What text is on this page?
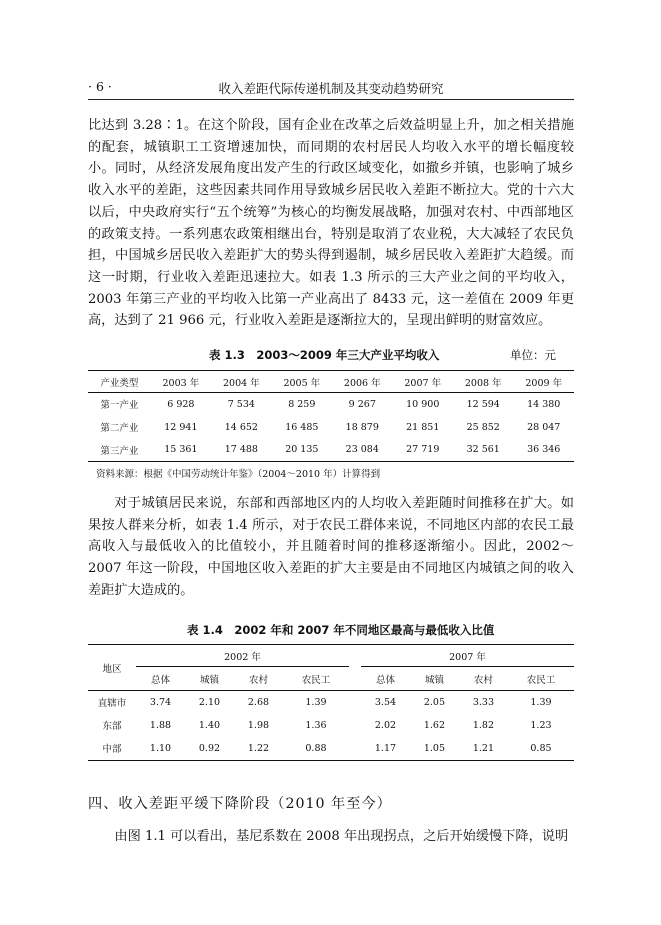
· 6 ·	收入差距代际传递机制及其变动趋势研究

比达到 3.28∶1。在这个阶段，国有企业在改革之后效益明显上升，加之相关措施的配套，城镇职工工资增速加快，而同期的农村居民人均收入水平的增长幅度较小。同时，从经济发展角度出发产生的行政区域变化，如撤乡并镇，也影响了城乡收入水平的差距，这些因素共同作用导致城乡居民收入差距不断拉大。党的十六大以后，中央政府实行“五个统筹”为核心的均衡发展战略，加强对农村、中西部地区的政策支持。一系列惠农政策相继出台，特别是取消了农业税，大大减轻了农民负担，中国城乡居民收入差距扩大的势头得到遏制，城乡居民收入差距扩大趋缓。而这一时期，行业收入差距迅速拉大。如表 1.3 所示的三大产业之间的平均收入，2003 年第三产业的平均收入比第一产业高出了 8433 元，这一差值在 2009 年更高，达到了 21 966 元，行业收入差距是逐渐拉大的，呈现出鲜明的财富效应。

表 1.3　2003～2009 年三大产业平均收入	单位：元
产业类型	2003 年	2004 年	2005 年	2006 年	2007 年	2008 年	2009 年
第一产业	6 928	7 534	8 259	9 267	10 900	12 594	14 380
第二产业	12 941	14 652	16 485	18 879	21 851	25 852	28 047
第三产业	15 361	17 488	20 135	23 084	27 719	32 561	36 346
资料来源：根据《中国劳动统计年鉴》（2004～2010 年）计算得到

对于城镇居民来说，东部和西部地区内的人均收入差距随时间推移在扩大。如果按人群来分析，如表 1.4 所示，对于农民工群体来说，不同地区内部的农民工最高收入与最低收入的比值较小，并且随着时间的推移逐渐缩小。因此，2002～2007 年这一阶段，中国地区收入差距的扩大主要是由不同地区内城镇之间的收入差距扩大造成的。

表 1.4　2002 年和 2007 年不同地区最高与最低收入比值
地区	2002 年					2007 年			
	总体	城镇	农村	农民工		总体	城镇	农村	农民工
直辖市	3.74	2.10	2.68	1.39		3.54	2.05	3.33	1.39
东部	1.88	1.40	1.98	1.36		2.02	1.62	1.82	1.23
中部	1.10	0.92	1.22	0.88		1.17	1.05	1.21	0.85
四、收入差距平缓下降阶段（2010 年至今）

由图 1.1 可以看出，基尼系数在 2008 年出现拐点，之后开始缓慢下降，说明
